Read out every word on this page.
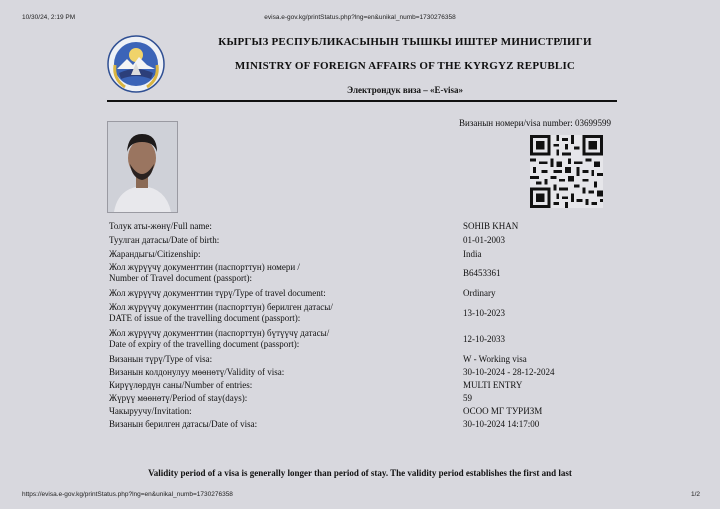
10/30/24, 2:19 PM	evisa.e-gov.kg/printStatus.php?lng=en&unikal_numb=1730276358
КЫРГЫЗ РЕСПУБЛИКАСЫНЫН ТЫШКЫ ИШТЕР МИНИСТРЛИГИ
MINISTRY OF FOREIGN AFFAIRS OF THE KYRGYZ REPUBLIC
Электрондук виза – «E-visa»
Визанын номери/visa number: 03699599
Толук аты-жөнү/Full name:	SOHIB KHAN
Туулган датасы/Date of birth:	01-01-2003
Жарандыгы/Citizenship:	India
Жол жүрүүчү документтин (паспорттун) номери /
Number of Travel document (passport):	B6453361
Жол жүрүүчү документтин түрү/Type of travel document:	Ordinary
Жол жүрүүчү документтин (паспорттун) берилген датасы/
DATE of issue of the travelling document (passport):	13-10-2023
Жол жүрүүчү документтин (паспорттун) бүтүүчү датасы/
Date of expiry of the travelling document (passport):	12-10-2033
Визанын түрү/Type of visa:	W - Working visa
Визанын колдонулуу мөөнөтү/Validity of visa:	30-10-2024 - 28-12-2024
Кирүүлөрдүн саны/Number of entries:	MULTI ENTRY
Жүрүү мөөнөтү/Period of stay(days):	59
Чакыруучу/Invitation:	ОСОО МГ ТУРИЗМ
Визанын берилген датасы/Date of visa:	30-10-2024 14:17:00
Validity period of a visa is generally longer than period of stay. The validity period establishes the first and last
https://evisa.e-gov.kg/printStatus.php?lng=en&unikal_numb=1730276358	1/2
